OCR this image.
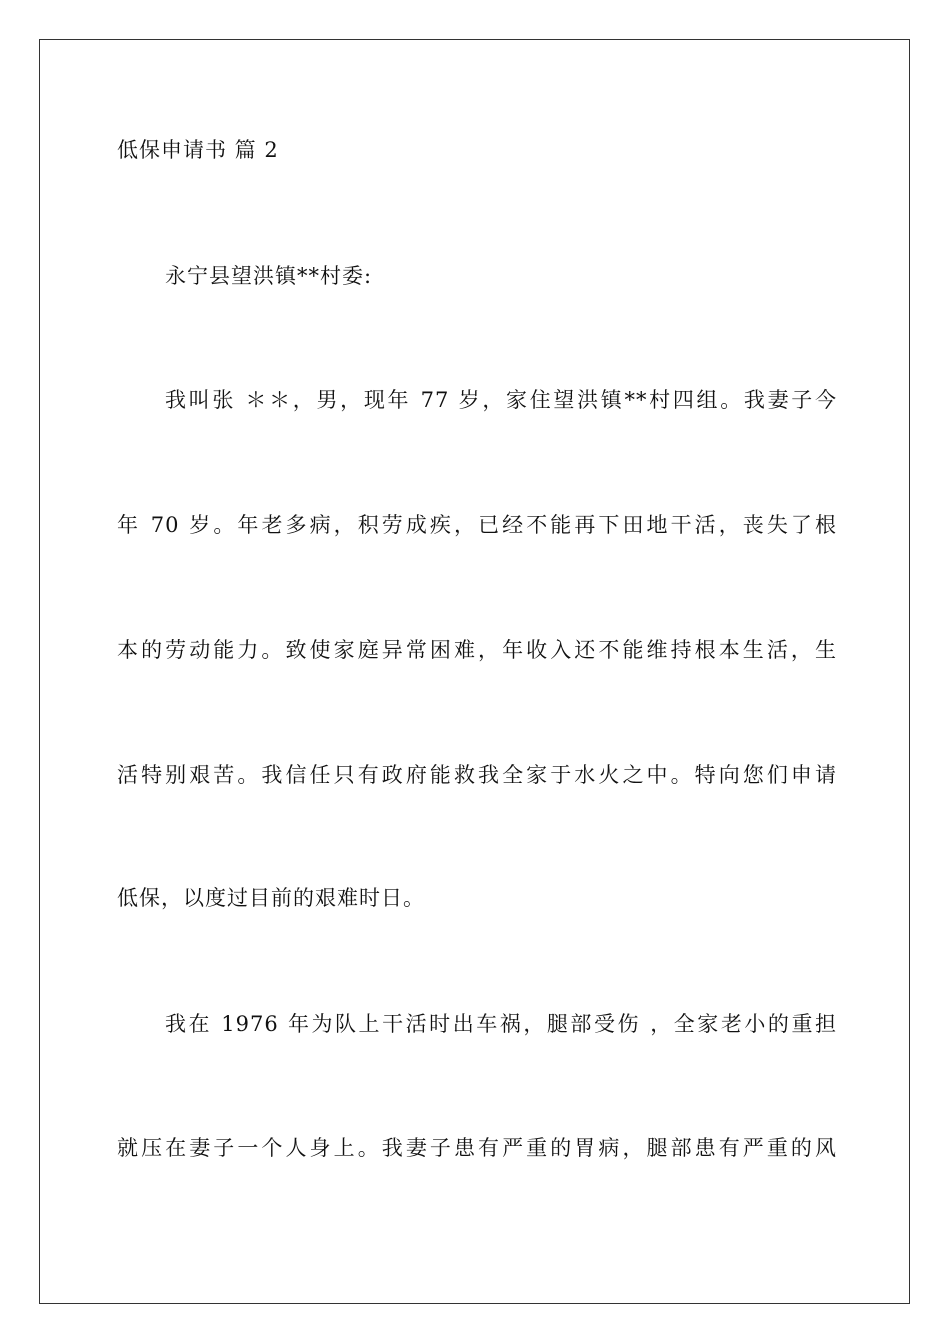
低保申请书 篇 2
永宁县望洪镇**村委:
我叫张 ＊＊，男，现年 77 岁，家住望洪镇**村四组。我妻子今
年 70 岁。年老多病，积劳成疾，已经不能再下田地干活，丧失了根
本的劳动能力。致使家庭异常困难，年收入还不能维持根本生活，生
活特别艰苦。我信任只有政府能救我全家于水火之中。特向您们申请
低保，以度过目前的艰难时日。
我在 1976 年为队上干活时出车祸，腿部受伤 ，全家老小的重担
就压在妻子一个人身上。我妻子患有严重的胃病，腿部患有严重的风
